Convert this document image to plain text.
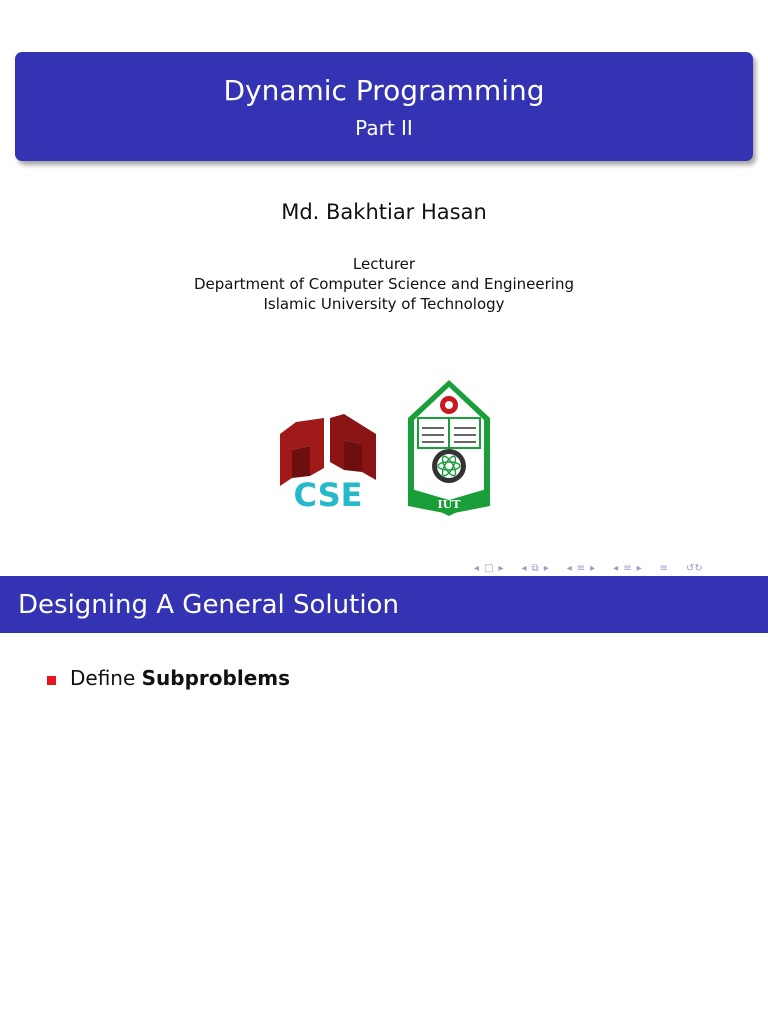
Dynamic Programming
Part II
Md. Bakhtiar Hasan
Lecturer
Department of Computer Science and Engineering
Islamic University of Technology
CSE	IUT
◂ □ ▸ ◂ ⧉ ▸ ◂ ≡ ▸ ◂ ≡ ▸ ≡ ↺↻
Designing A General Solution
Define
Subproblems
